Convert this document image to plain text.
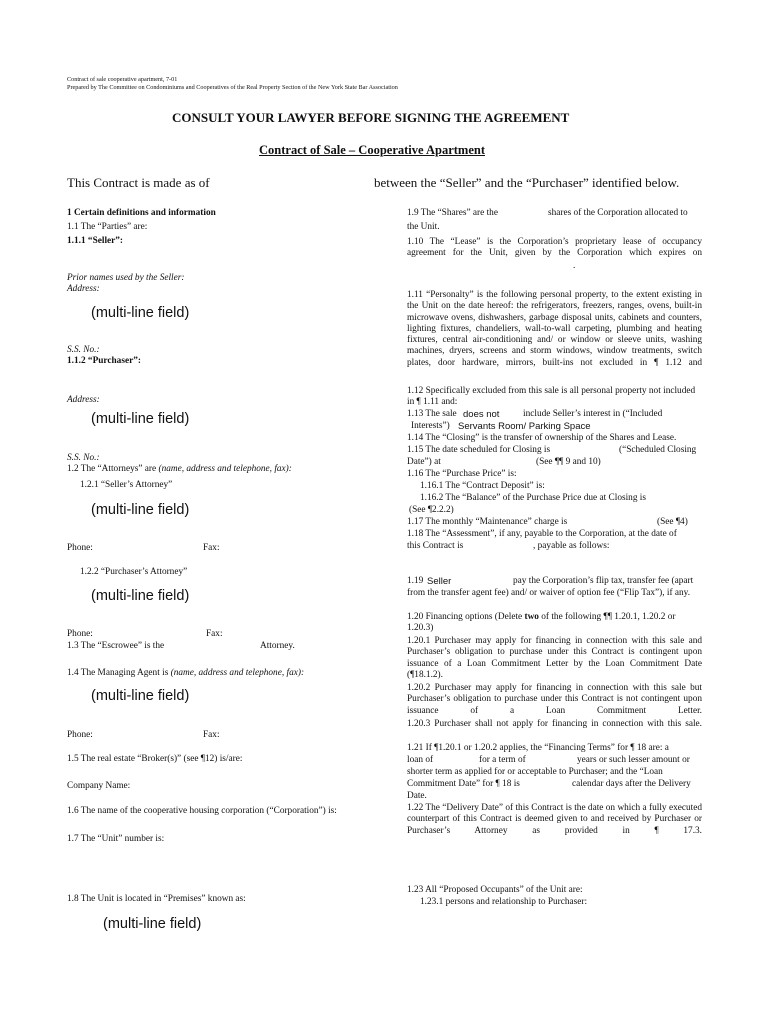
Contract of sale cooperative apartment, 7-01
Prepared by The Committee on Condominiums and Cooperatives of the Real Property Section of the New York State Bar Association
CONSULT YOUR LAWYER BEFORE SIGNING THE AGREEMENT
Contract of Sale – Cooperative Apartment
This Contract is made as of	between the “Seller” and the “Purchaser” identified below.
1 Certain definitions and information
1.1 The “Parties” are:
1.1.1 “Seller”:
Prior names used by the Seller:
Address:
(multi-line field)
S.S. No.:
1.1.2 “Purchaser”:
Address:
(multi-line field)
S.S. No.:
1.2 The “Attorneys” are (name, address and telephone, fax):
1.2.1 “Seller’s Attorney”
(multi-line field)
Phone:	Fax:
1.2.2 “Purchaser’s Attorney”
(multi-line field)
Phone:	Fax:
1.3 The “Escrowee” is the	Attorney.
1.4 The Managing Agent is (name, address and telephone, fax):
(multi-line field)
Phone:	Fax:
1.5 The real estate “Broker(s)” (see ¶12) is/are:
Company Name:
1.6 The name of the cooperative housing corporation (“Corporation”) is:
1.7 The “Unit” number is:
1.8 The Unit is located in “Premises” known as:
(multi-line field)
1.9 The “Shares” are the	shares of the Corporation allocated to
the Unit.
1.10 The “Lease” is the Corporation’s proprietary lease of occupancy agreement for the Unit, given by the Corporation which expires on
.
1.11 “Personalty” is the following personal property, to the extent existing in the Unit on the date hereof: the refrigerators, freezers, ranges, ovens, built-in microwave ovens, dishwashers, garbage disposal units, cabinets and counters, lighting fixtures, chandeliers, wall-to-wall carpeting, plumbing and heating fixtures, central air-conditioning and/ or window or sleeve units, washing machines, dryers, screens and storm windows, window treatments, switch plates, door hardware, mirrors, built-ins not excluded in ¶ 1.12 and
1.12 Specifically excluded from this sale is all personal property not included in ¶ 1.11 and:
1.13 The sale does not	include Seller’s interest in (“Included
Interests”) Servants Room/ Parking Space
1.14 The “Closing” is the transfer of ownership of the Shares and Lease.
1.15 The date scheduled for Closing is	(“Scheduled Closing
Date”) at	(See ¶¶ 9 and 10)
1.16 The “Purchase Price” is:
1.16.1 The “Contract Deposit” is:
1.16.2 The “Balance” of the Purchase Price due at Closing is
(See ¶2.2.2)
1.17 The monthly “Maintenance” charge is	(See ¶4)
1.18 The “Assessment”, if any, payable to the Corporation, at the date of
this Contract is	, payable as follows:
1.19 Seller	pay the Corporation’s flip tax, transfer fee (apart
from the transfer agent fee) and/ or waiver of option fee (“Flip Tax”), if any.
1.20 Financing options (Delete two of the following ¶¶ 1.20.1, 1.20.2 or 1.20.3)
1.20.1 Purchaser may apply for financing in connection with this sale and Purchaser’s obligation to purchase under this Contract is contingent upon issuance of a Loan Commitment Letter by the Loan Commitment Date (¶18.1.2).
1.20.2 Purchaser may apply for financing in connection with this sale but Purchaser’s obligation to purchase under this Contract is not contingent upon issuance of a Loan Commitment Letter.
1.20.3 Purchaser shall not apply for financing in connection with this sale.
1.21 If ¶1.20.1 or 1.20.2 applies, the “Financing Terms” for ¶ 18 are: a
loan of	for a term of	years or such lesser amount or
shorter term as applied for or acceptable to Purchaser; and the “Loan
Commitment Date” for ¶ 18 is	calendar days after the Delivery
Date.
1.22 The “Delivery Date” of this Contract is the date on which a fully executed counterpart of this Contract is deemed given to and received by Purchaser or Purchaser’s Attorney as provided in ¶ 17.3.
1.23 All “Proposed Occupants” of the Unit are:
1.23.1 persons and relationship to Purchaser:
